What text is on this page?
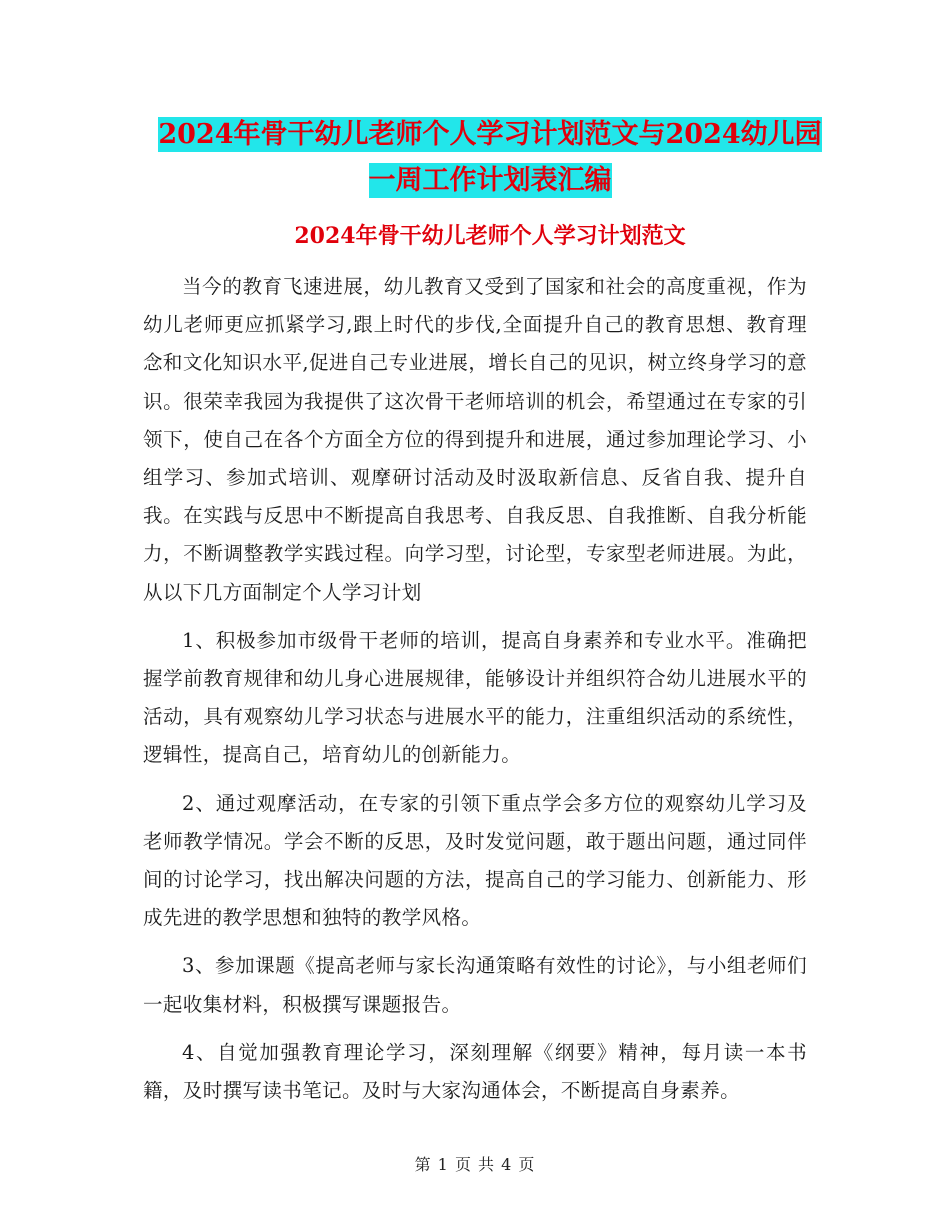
2024年骨干幼儿老师个人学习计划范文与2024幼儿园
一周工作计划表汇编
2024年骨干幼儿老师个人学习计划范文

当今的教育飞速进展，幼儿教育又受到了国家和社会的高度重视，作为幼儿老师更应抓紧学习,跟上时代的步伐,全面提升自己的教育思想、教育理念和文化知识水平,促进自己专业进展，增长自己的见识，树立终身学习的意识。很荣幸我园为我提供了这次骨干老师培训的机会，希望通过在专家的引领下，使自己在各个方面全方位的得到提升和进展，通过参加理论学习、小组学习、参加式培训、观摩研讨活动及时汲取新信息、反省自我、提升自我。在实践与反思中不断提高自我思考、自我反思、自我推断、自我分析能力，不断调整教学实践过程。向学习型，讨论型，专家型老师进展。为此，从以下几方面制定个人学习计划

1、积极参加市级骨干老师的培训，提高自身素养和专业水平。准确把握学前教育规律和幼儿身心进展规律，能够设计并组织符合幼儿进展水平的活动，具有观察幼儿学习状态与进展水平的能力，注重组织活动的系统性，逻辑性，提高自己，培育幼儿的创新能力。

2、通过观摩活动，在专家的引领下重点学会多方位的观察幼儿学习及老师教学情况。学会不断的反思，及时发觉问题，敢于题出问题，通过同伴间的讨论学习，找出解决问题的方法，提高自己的学习能力、创新能力、形成先进的教学思想和独特的教学风格。

3、参加课题《提高老师与家长沟通策略有效性的讨论》，与小组老师们一起收集材料，积极撰写课题报告。

4、自觉加强教育理论学习，深刻理解《纲要》精神，每月读一本书籍，及时撰写读书笔记。及时与大家沟通体会，不断提高自身素养。

第 1 页 共 4 页
